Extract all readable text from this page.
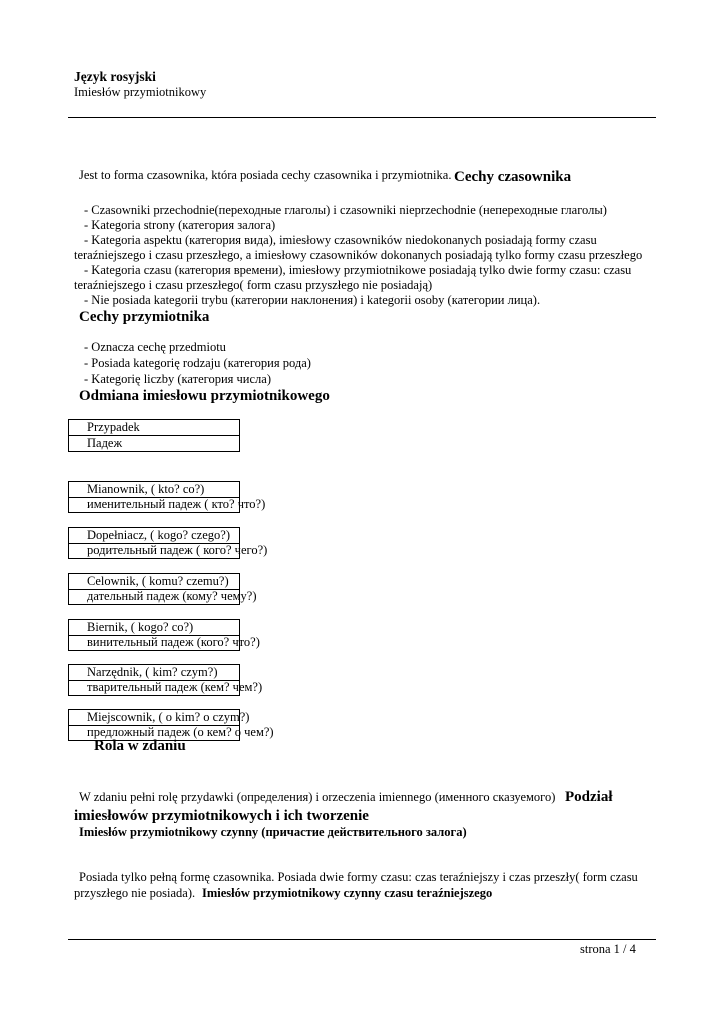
Język rosyjski
Imiesłów przymiotnikowy
Jest to forma czasownika, która posiada cechy czasownika i przymiotnika. Cechy czasownika
- Czasowniki przechodnie(переходные глаголы) i czasowniki nieprzechodnie (непереходные глаголы)
- Kategoria strony (категория залога)
- Kategoria aspektu (категория вида), imiesłowy czasowników niedokonanych posiadają formy czasu
teraźniejszego i czasu przeszłego, a imiesłowy czasowników dokonanych posiadają tylko formy czasu przeszłego
- Kategoria czasu (категория времени), imiesłowy przymiotnikowe posiadają tylko dwie formy czasu: czasu
teraźniejszego i czasu przeszłego( form czasu przyszłego nie posiadają)
- Nie posiada kategorii trybu (категории наклонения) i kategorii osoby (категории лица).
Cechy przymiotnika
- Oznacza cechę przedmiotu
- Posiada kategorię rodzaju (категория рода)
- Kategorię liczby (категория числа)
Odmiana imiesłowu przymiotnikowego
Przypadek
Падеж
Mianownik, ( kto? co?)
именительный падеж ( кто? что?)
Dopełniacz, ( kogo? czego?)
родительный падеж ( кого? чего?)
Celownik, ( komu? czemu?)
дательный падеж (кому? чему?)
Biernik, ( kogo? co?)
винительный падеж (кого? что?)
Narzędnik, ( kim? czym?)
твaрительный падеж (кем? чем?)
Miejscownik, ( o kim? o czym?)
предложный падеж (о кем? о чем?)
Rola w zdaniu
W zdaniu pełni rolę przydawki (определения) i orzeczenia imiennego (именного сказуемого) Podział
imiesłowów przymiotnikowych i ich tworzenie
Imiesłów przymiotnikowy czynny (причастие действительного залога)
Posiada tylko pełną formę czasownika. Posiada dwie formy czasu: czas teraźniejszy i czas przeszły( form czasu
przyszłego nie posiada). Imiesłów przymiotnikowy czynny czasu teraźniejszego
strona 1 / 4
